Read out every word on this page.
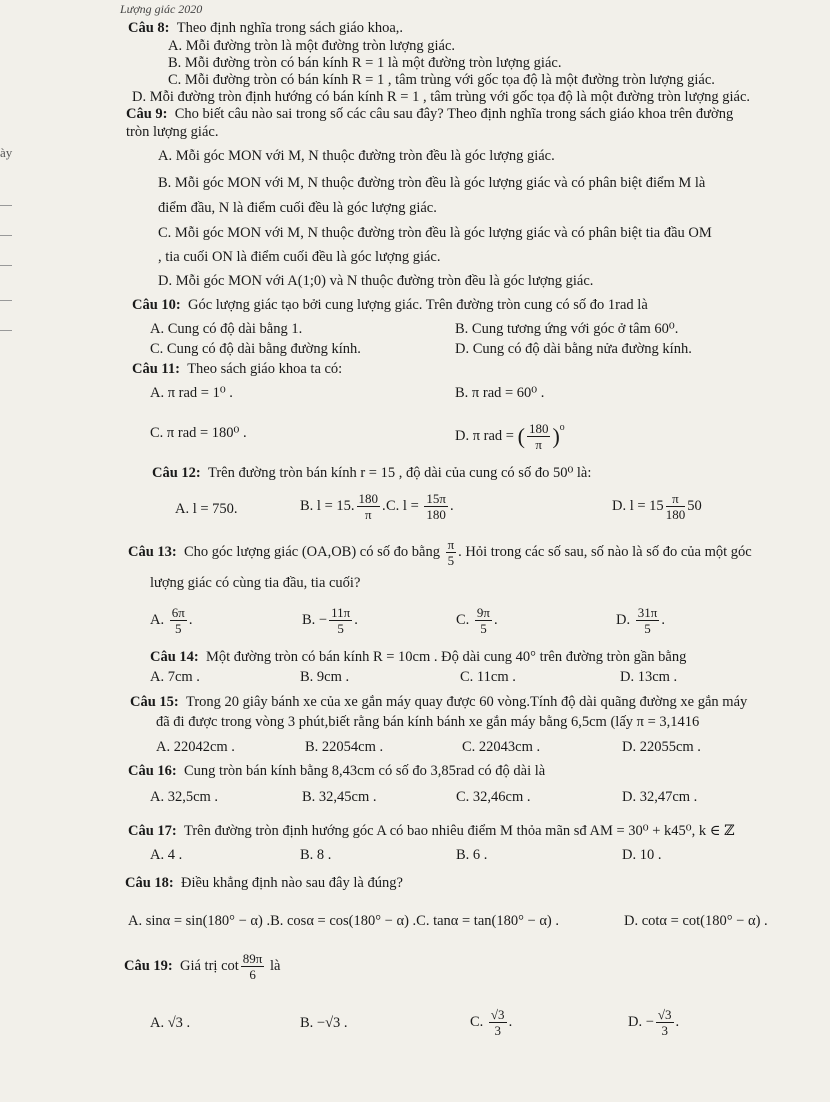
Lượng giác 2020
ày
Câu 8: Theo định nghĩa trong sách giáo khoa,.
A. Mỗi đường tròn là một đường tròn lượng giác.
B. Mỗi đường tròn có bán kính R = 1 là một đường tròn lượng giác.
C. Mỗi đường tròn có bán kính R = 1 , tâm trùng với gốc tọa độ là một đường tròn lượng giác.
D. Mỗi đường tròn định hướng có bán kính R = 1 , tâm trùng với gốc tọa độ là một đường tròn lượng giác.
Câu 9: Cho biết câu nào sai trong số các câu sau đây? Theo định nghĩa trong sách giáo khoa trên đường
tròn lượng giác.
A. Mỗi góc MON với M, N thuộc đường tròn đều là góc lượng giác.
B. Mỗi góc MON với M, N thuộc đường tròn đều là góc lượng giác và có phân biệt điểm M là
điểm đầu, N là điểm cuối đều là góc lượng giác.
C. Mỗi góc MON với M, N thuộc đường tròn đều là góc lượng giác và có phân biệt tia đầu OM
, tia cuối ON là điểm cuối đều là góc lượng giác.
D. Mỗi góc MON với A(1;0) và N thuộc đường tròn đều là góc lượng giác.
Câu 10: Góc lượng giác tạo bởi cung lượng giác. Trên đường tròn cung có số đo 1rad là
A. Cung có độ dài bằng 1.	B. Cung tương ứng với góc ở tâm 60⁰.
C. Cung có độ dài bằng đường kính.	D. Cung có độ dài bằng nửa đường kính.
Câu 11: Theo sách giáo khoa ta có:
A. π rad = 1⁰ .	B. π rad = 60⁰ .
C. π rad = 180⁰ .	D. π rad = ( $\frac{180}{\pi} )^{^0}$
Câu 12: Trên đường tròn bán kính r = 15 , độ dài của cung có số đo 50⁰ là:
A. l = 750.	B. l = 15. $\frac{180}{\pi}$ . C. $l = \frac{15\pi}{180}$ .	D. $l = 15 \frac{\pi}{180} 50$
Câu 13: Cho góc lượng giác (OA,OB) có số đo bằng $\frac{\pi}{5}$ . Hỏi trong các số sau, số nào là số đo của một góc
lượng giác có cùng tia đầu, tia cuối?
A. $\frac{6\pi}{5}$ .	B. − $\frac{11\pi}{5}$ .	C. $\frac{9\pi}{5}$ .	D. $\frac{31\pi}{5}$ .
Câu 14: Một đường tròn có bán kính R = 10cm . Độ dài cung 40° trên đường tròn gần bằng
A. 7cm .	B. 9cm .	C. 11cm .	D. 13cm .
Câu 15: Trong 20 giây bánh xe của xe gắn máy quay được 60 vòng.Tính độ dài quãng đường xe gắn máy
đã đi được trong vòng 3 phút,biết rằng bán kính bánh xe gắn máy bằng 6,5cm (lấy π = 3,1416
A. 22042cm .	B. 22054cm .	C. 22043cm .	D. 22055cm .
Câu 16: Cung tròn bán kính bằng 8,43cm có số đo 3,85rad có độ dài là
A. 32,5cm .	B. 32,45cm .	C. 32,46cm .	D. 32,47cm .
Câu 17: Trên đường tròn định hướng góc A có bao nhiêu điểm M thỏa mãn sđ AM = 30⁰ + k45⁰, k ∈ ℤ
A. 4 .	B. 8 .	B. 6 .	D. 10 .
Câu 18: Điều khẳng định nào sau đây là đúng?
A. sinα = sin(180° − α) .B. cosα = cos(180° − α) .C. tanα = tan(180° − α) .	D. cotα = cot(180° − α) .
Câu 19: Giá trị $\cot \frac{89\pi}{6}$ là
A. √3 .	B. −√3 .	C. $\frac{√3}{3}$ .	D. − $\frac{√3}{3}$ .
